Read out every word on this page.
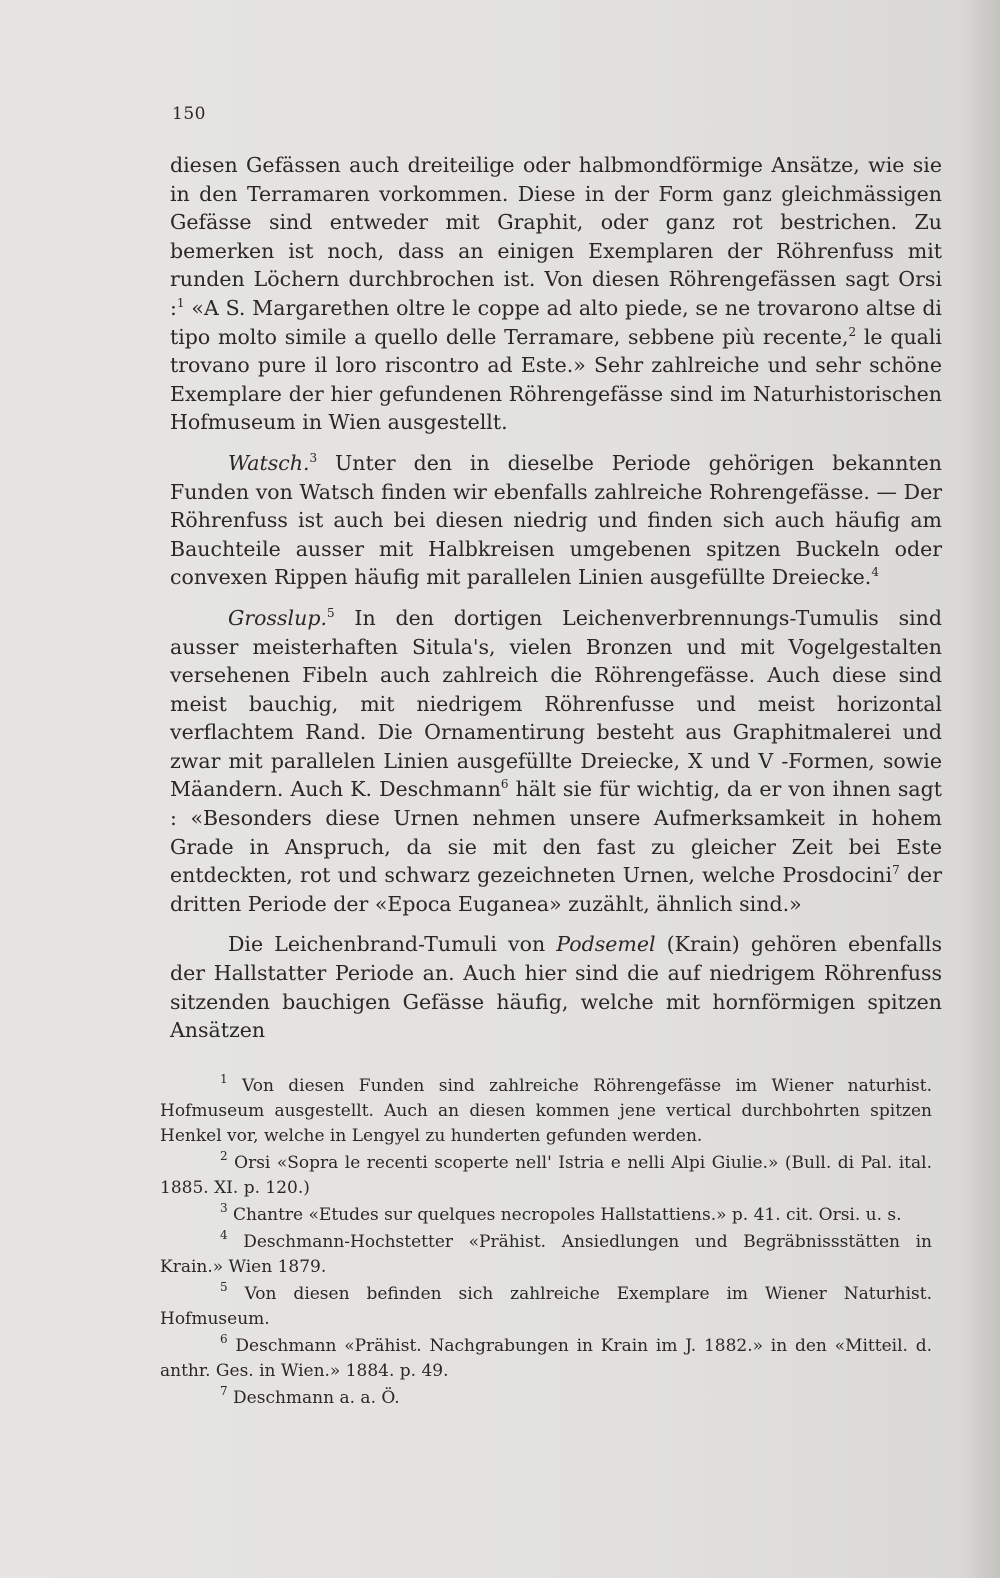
150

diesen Gefässen auch dreiteilige oder halbmondförmige Ansätze, wie sie in den Terramaren vorkommen. Diese in der Form ganz gleichmässigen Gefässe sind entweder mit Graphit, oder ganz rot bestrichen. Zu bemerken ist noch, dass an einigen Exemplaren der Röhrenfuss mit runden Löchern durchbrochen ist. Von diesen Röhrengefässen sagt Orsi :$^1$ «A S. Margarethen oltre le coppe ad alto piede, se ne trovarono altse di tipo molto simile a quello delle Terramare, sebbene più recente,$^2$ le quali trovano pure il loro riscontro ad Este.» Sehr zahlreiche und sehr schöne Exemplare der hier gefundenen Röhrengefässe sind im Naturhistorischen Hofmuseum in Wien ausgestellt.

Watsch.$^3$ Unter den in dieselbe Periode gehörigen bekannten Funden von Watsch finden wir ebenfalls zahlreiche Rohrengefässe. — Der Röhrenfuss ist auch bei diesen niedrig und finden sich auch häufig am Bauchteile ausser mit Halbkreisen umgebenen spitzen Buckeln oder convexen Rippen häufig mit parallelen Linien ausgefüllte Dreiecke.$^4$

Grosslup.$^5$ In den dortigen Leichenverbrennungs-Tumulis sind ausser meisterhaften Situla's, vielen Bronzen und mit Vogelgestalten versehenen Fibeln auch zahlreich die Röhrengefässe. Auch diese sind meist bauchig, mit niedrigem Röhrenfusse und meist horizontal verflachtem Rand. Die Ornamentirung besteht aus Graphitmalerei und zwar mit parallelen Linien ausgefüllte Dreiecke, X und V -Formen, sowie Mäandern. Auch K. Deschmann$^6$ hält sie für wichtig, da er von ihnen sagt : «Besonders diese Urnen nehmen unsere Aufmerksamkeit in hohem Grade in Anspruch, da sie mit den fast zu gleicher Zeit bei Este entdeckten, rot und schwarz gezeichneten Urnen, welche Prosdocini$^7$ der dritten Periode der «Epoca Euganea» zuzählt, ähnlich sind.»

Die Leichenbrand-Tumuli von Podsemel (Krain) gehören ebenfalls der Hallstatter Periode an. Auch hier sind die auf niedrigem Röhrenfuss sitzenden bauchigen Gefässe häufig, welche mit hornförmigen spitzen Ansätzen

$^1$ Von diesen Funden sind zahlreiche Röhrengefässe im Wiener naturhist. Hofmuseum ausgestellt. Auch an diesen kommen jene vertical durchbohrten spitzen Henkel vor, welche in Lengyel zu hunderten gefunden werden.

$^2$ Orsi «Sopra le recenti scoperte nell' Istria e nelli Alpi Giulie.» (Bull. di Pal. ital. 1885. XI. p. 120.)

$^3$ Chantre «Etudes sur quelques necropoles Hallstattiens.» p. 41. cit. Orsi. u. s.

$^4$ Deschmann-Hochstetter «Prähist. Ansiedlungen und Begräbnissstätten in Krain.» Wien 1879.

$^5$ Von diesen befinden sich zahlreiche Exemplare im Wiener Naturhist. Hofmuseum.

$^6$ Deschmann «Prähist. Nachgrabungen in Krain im J. 1882.» in den «Mitteil. d. anthr. Ges. in Wien.» 1884. p. 49.

$^7$ Deschmann a. a. Ö.
